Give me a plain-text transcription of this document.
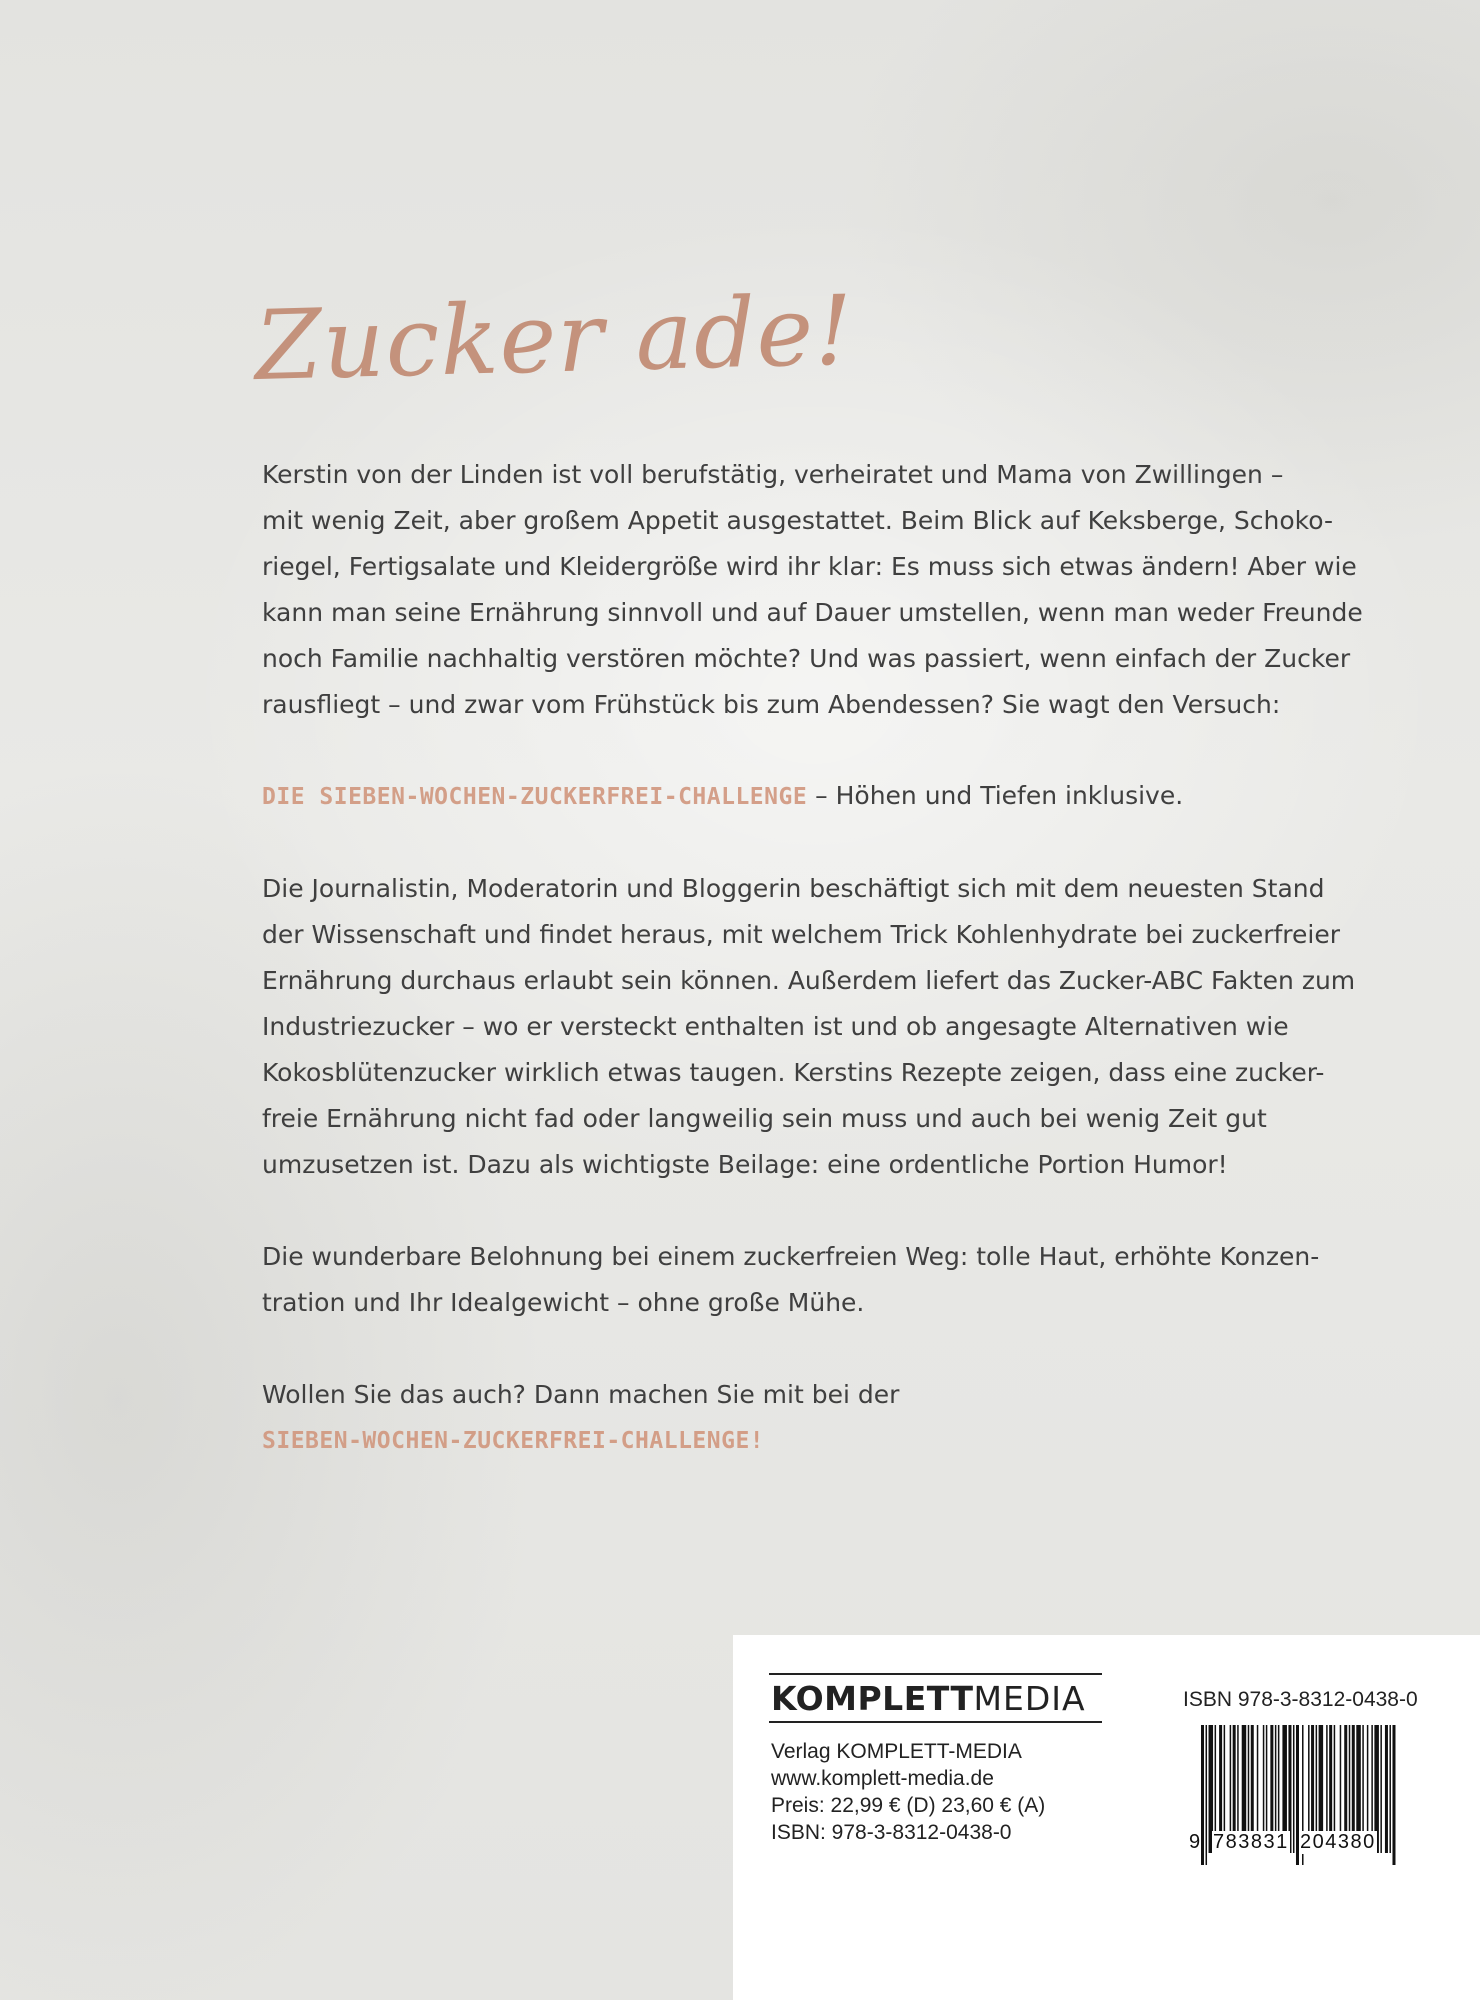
Zucker ade!
Kerstin von der Linden ist voll berufstätig, verheiratet und Mama von Zwillingen –
mit wenig Zeit, aber großem Appetit ausgestattet. Beim Blick auf Keksberge, Schoko-
riegel, Fertigsalate und Kleidergröße wird ihr klar: Es muss sich etwas ändern! Aber wie
kann man seine Ernährung sinnvoll und auf Dauer umstellen, wenn man weder Freunde
noch Familie nachhaltig verstören möchte? Und was passiert, wenn einfach der Zucker
rausfliegt – und zwar vom Frühstück bis zum Abendessen? Sie wagt den Versuch:
DIE SIEBEN-WOCHEN-ZUCKERFREI-CHALLENGE – Höhen und Tiefen inklusive.
Die Journalistin, Moderatorin und Bloggerin beschäftigt sich mit dem neuesten Stand
der Wissenschaft und findet heraus, mit welchem Trick Kohlenhydrate bei zuckerfreier
Ernährung durchaus erlaubt sein können. Außerdem liefert das Zucker-ABC Fakten zum
Industriezucker – wo er versteckt enthalten ist und ob angesagte Alternativen wie
Kokosblütenzucker wirklich etwas taugen. Kerstins Rezepte zeigen, dass eine zucker-
freie Ernährung nicht fad oder langweilig sein muss und auch bei wenig Zeit gut
umzusetzen ist. Dazu als wichtigste Beilage: eine ordentliche Portion Humor!
Die wunderbare Belohnung bei einem zuckerfreien Weg: tolle Haut, erhöhte Konzen-
tration und Ihr Idealgewicht – ohne große Mühe.
Wollen Sie das auch? Dann machen Sie mit bei der
SIEBEN-WOCHEN-ZUCKERFREI-CHALLENGE!
KOMPLETTMEDIA
Verlag KOMPLETT-MEDIA
www.komplett-media.de
Preis: 22,99 € (D) 23,60 € (A)
ISBN: 978-3-8312-0438-0
ISBN 978-3-8312-0438-0
9 783831 204380
